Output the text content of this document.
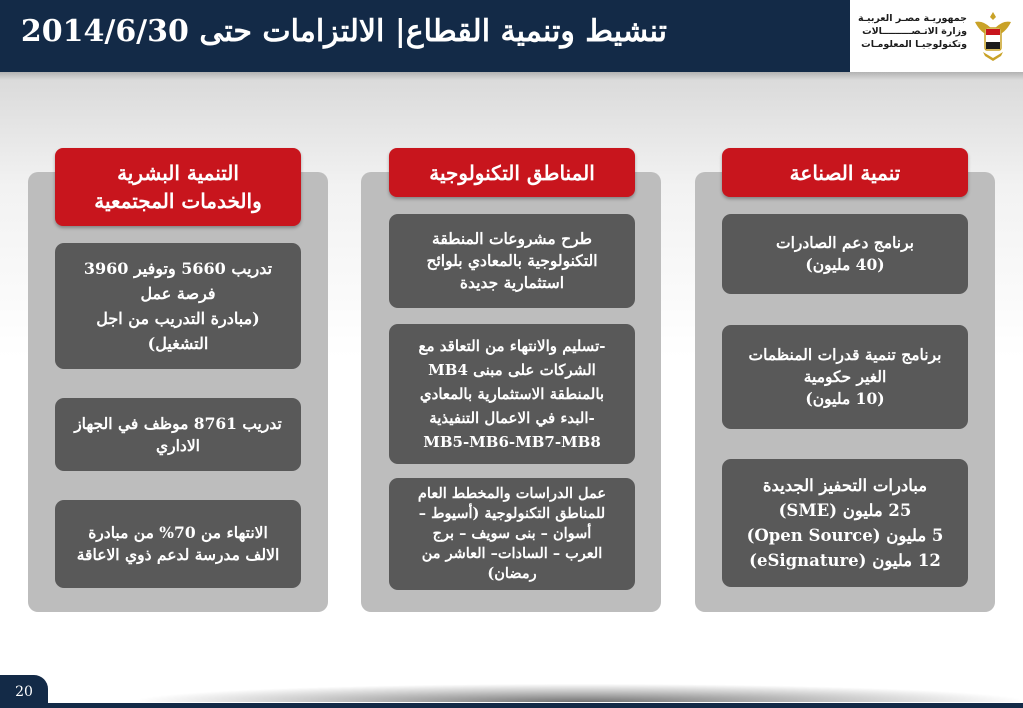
تنشيط وتنمية القطاع| الالتزامات حتى 2014/6/30	جمهوريـة مصـر العربيـة
وزارة الاتـصـــــــــالات
وتكنولوجيـا المعلومـات
تنمية الصناعة
برنامج دعم الصادرات
(40 مليون)
برنامج تنمية قدرات المنظمات
الغير حكومية
(10 مليون)
مبادرات التحفيز الجديدة
25 مليون (SME)
5 مليون (Open Source)
12 مليون (eSignature)
المناطق التكنولوجية
طرح مشروعات المنطقة
التكنولوجية بالمعادي بلوائح
استثمارية جديدة
-تسليم والانتهاء من التعاقد مع
الشركات على مبنى MB4
بالمنطقة الاستثمارية بالمعادي
-البدء في الاعمال التنفيذية
MB5-MB6-MB7-MB8
عمل الدراسات والمخطط العام
للمناطق التكنولوجية (أسيوط –
أسوان – بنى سويف – برج
العرب – السادات– العاشر من
رمضان)
التنمية البشرية
والخدمات المجتمعية
تدريب 5660 وتوفير 3960
فرصة عمل
(مبادرة التدريب من اجل
التشغيل)
تدريب 8761 موظف في الجهاز
الاداري
الانتهاء من 70% من مبادرة
الالف مدرسة لدعم ذوي الاعاقة
20
